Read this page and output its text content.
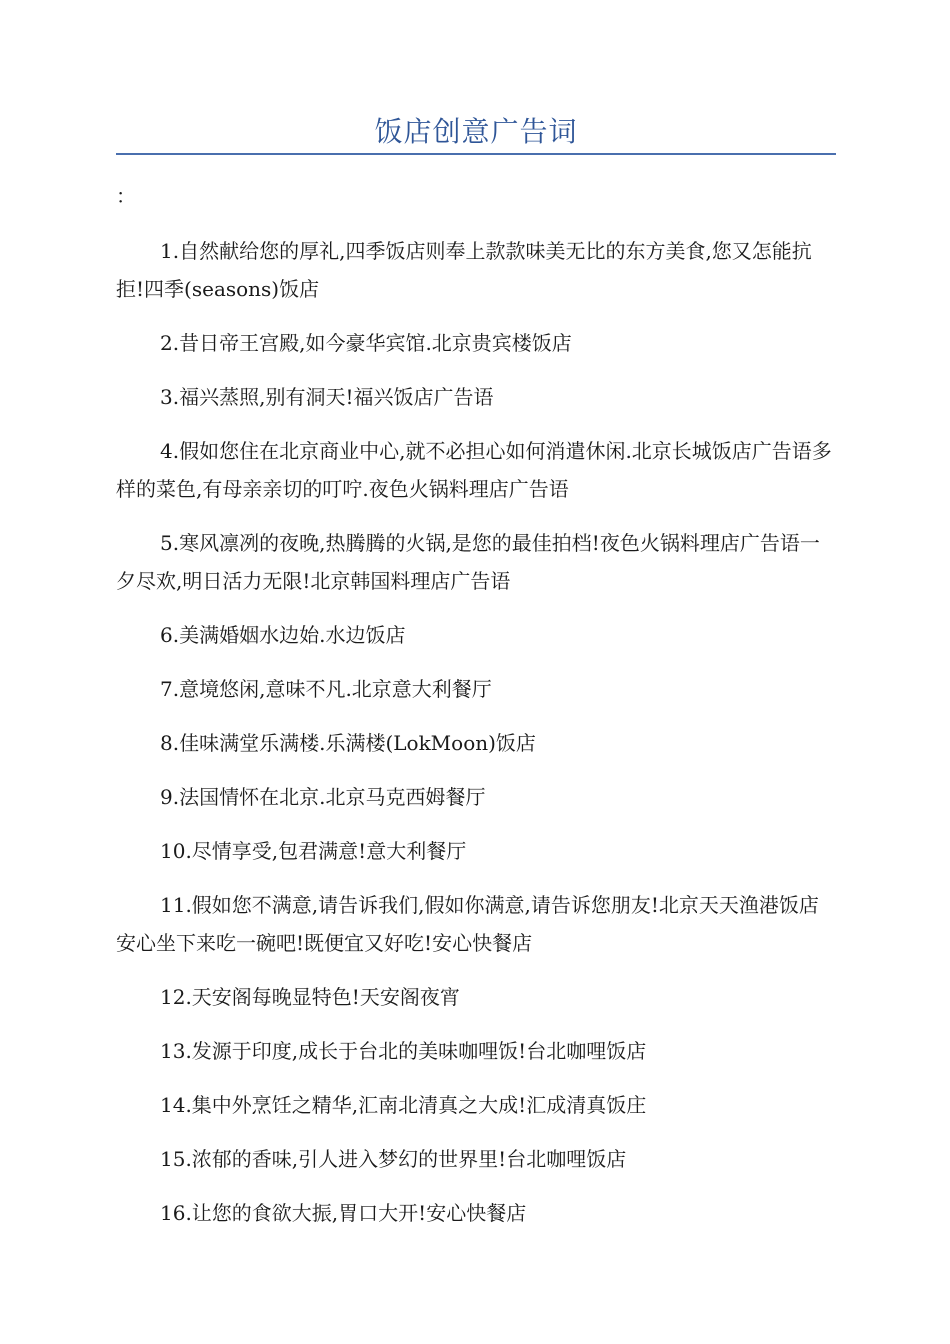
饭店创意广告词
：

1.自然献给您的厚礼,四季饭店则奉上款款味美无比的东方美食,您又怎能抗拒!四季(seasons)饭店

2.昔日帝王宫殿,如今豪华宾馆.北京贵宾楼饭店

3.福兴蒸照,别有洞天!福兴饭店广告语

4.假如您住在北京商业中心,就不必担心如何消遣休闲.北京长城饭店广告语多样的菜色,有母亲亲切的叮咛.夜色火锅料理店广告语

5.寒风凛冽的夜晚,热腾腾的火锅,是您的最佳拍档!夜色火锅料理店广告语一夕尽欢,明日活力无限!北京韩国料理店广告语

6.美满婚姻水边始.水边饭店

7.意境悠闲,意味不凡.北京意大利餐厅

8.佳味满堂乐满楼.乐满楼(LokMoon)饭店

9.法国情怀在北京.北京马克西姆餐厅

10.尽情享受,包君满意!意大利餐厅

11.假如您不满意,请告诉我们,假如你满意,请告诉您朋友!北京天天渔港饭店安心坐下来吃一碗吧!既便宜又好吃!安心快餐店

12.天安阁每晚显特色!天安阁夜宵

13.发源于印度,成长于台北的美味咖哩饭!台北咖哩饭店

14.集中外烹饪之精华,汇南北清真之大成!汇成清真饭庄

15.浓郁的香味,引人进入梦幻的世界里!台北咖哩饭店

16.让您的食欲大振,胃口大开!安心快餐店
